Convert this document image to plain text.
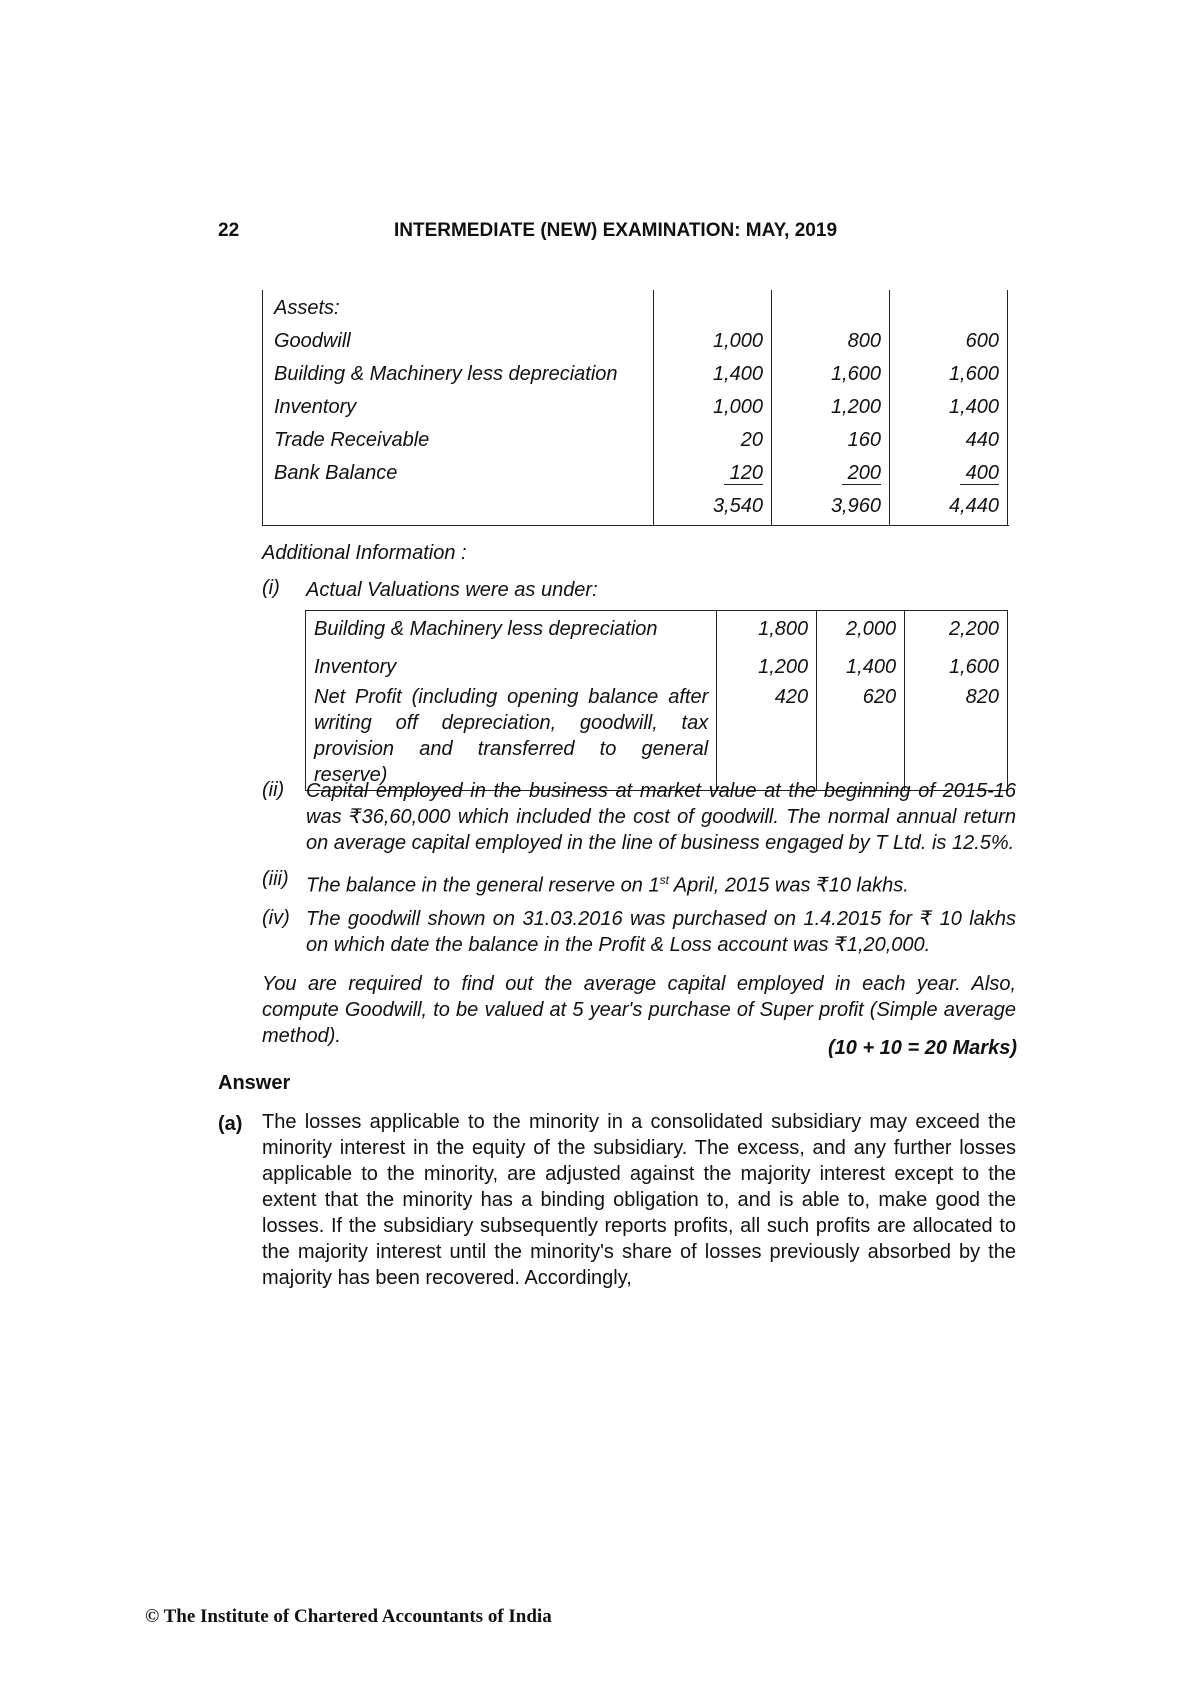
22	INTERMEDIATE (NEW) EXAMINATION: MAY, 2019
Assets:
Goodwill	1,000	800	600
Building & Machinery less depreciation	1,400	1,600	1,600
Inventory	1,000	1,200	1,400
Trade Receivable	20	160	440
Bank Balance	120	200	400
3,540	3,960	4,440
Additional Information :
(i) Actual Valuations were as under:
Building & Machinery less depreciation	1,800	2,000	2,200
Inventory	1,200	1,400	1,600
Net Profit (including opening balance after writing off depreciation, goodwill, tax provision and transferred to general reserve)	420	620	820
(ii) Capital employed in the business at market value at the beginning of 2015-16 was ₹36,60,000 which included the cost of goodwill. The normal annual return on average capital employed in the line of business engaged by T Ltd. is 12.5%.
(iii) The balance in the general reserve on 1st April, 2015 was ₹10 lakhs.
(iv) The goodwill shown on 31.03.2016 was purchased on 1.4.2015 for ₹ 10 lakhs on which date the balance in the Profit & Loss account was ₹1,20,000.
You are required to find out the average capital employed in each year. Also, compute Goodwill, to be valued at 5 year's purchase of Super profit (Simple average method).
(10 + 10 = 20 Marks)
Answer
(a) The losses applicable to the minority in a consolidated subsidiary may exceed the minority interest in the equity of the subsidiary. The excess, and any further losses applicable to the minority, are adjusted against the majority interest except to the extent that the minority has a binding obligation to, and is able to, make good the losses. If the subsidiary subsequently reports profits, all such profits are allocated to the majority interest until the minority's share of losses previously absorbed by the majority has been recovered. Accordingly,
© The Institute of Chartered Accountants of India
